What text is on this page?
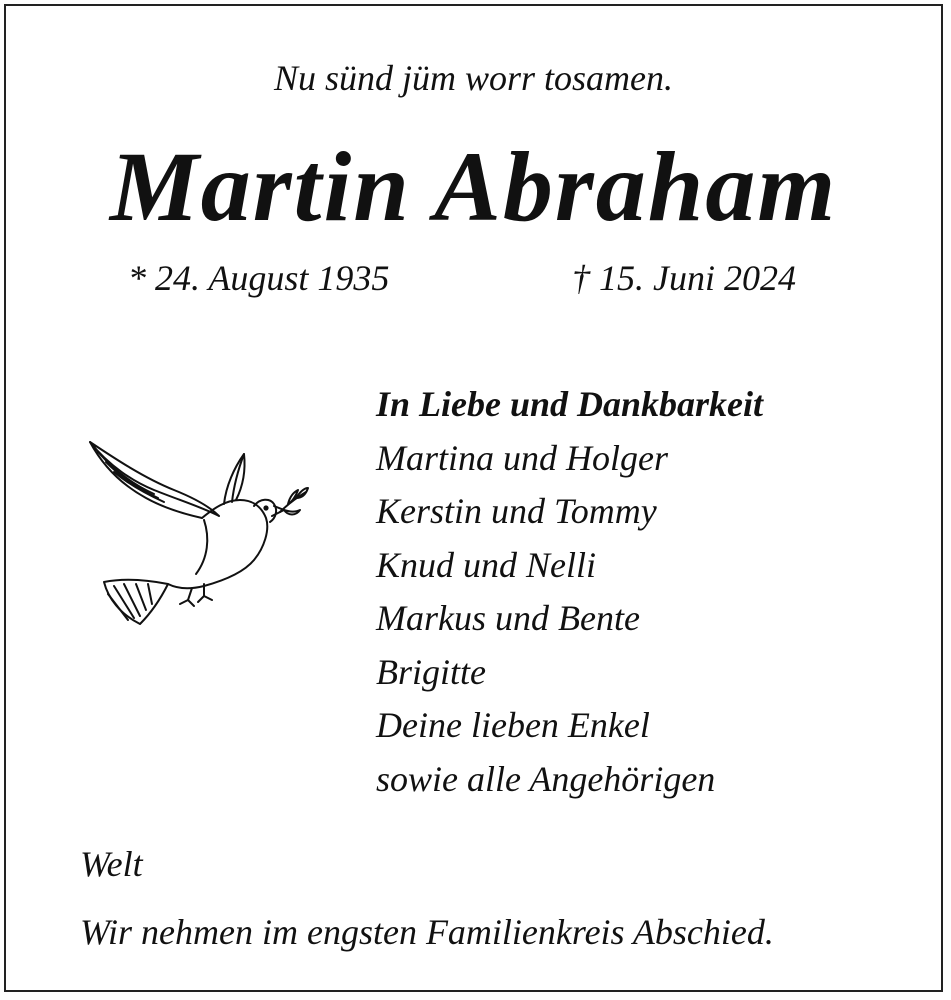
Nu sünd jüm worr tosamen.
Martin Abraham
* 24. August 1935	† 15. Juni 2024
In Liebe und Dankbarkeit
Martina und Holger
Kerstin und Tommy
Knud und Nelli
Markus und Bente
Brigitte
Deine lieben Enkel
sowie alle Angehörigen
Welt
Wir nehmen im engsten Familienkreis Abschied.
